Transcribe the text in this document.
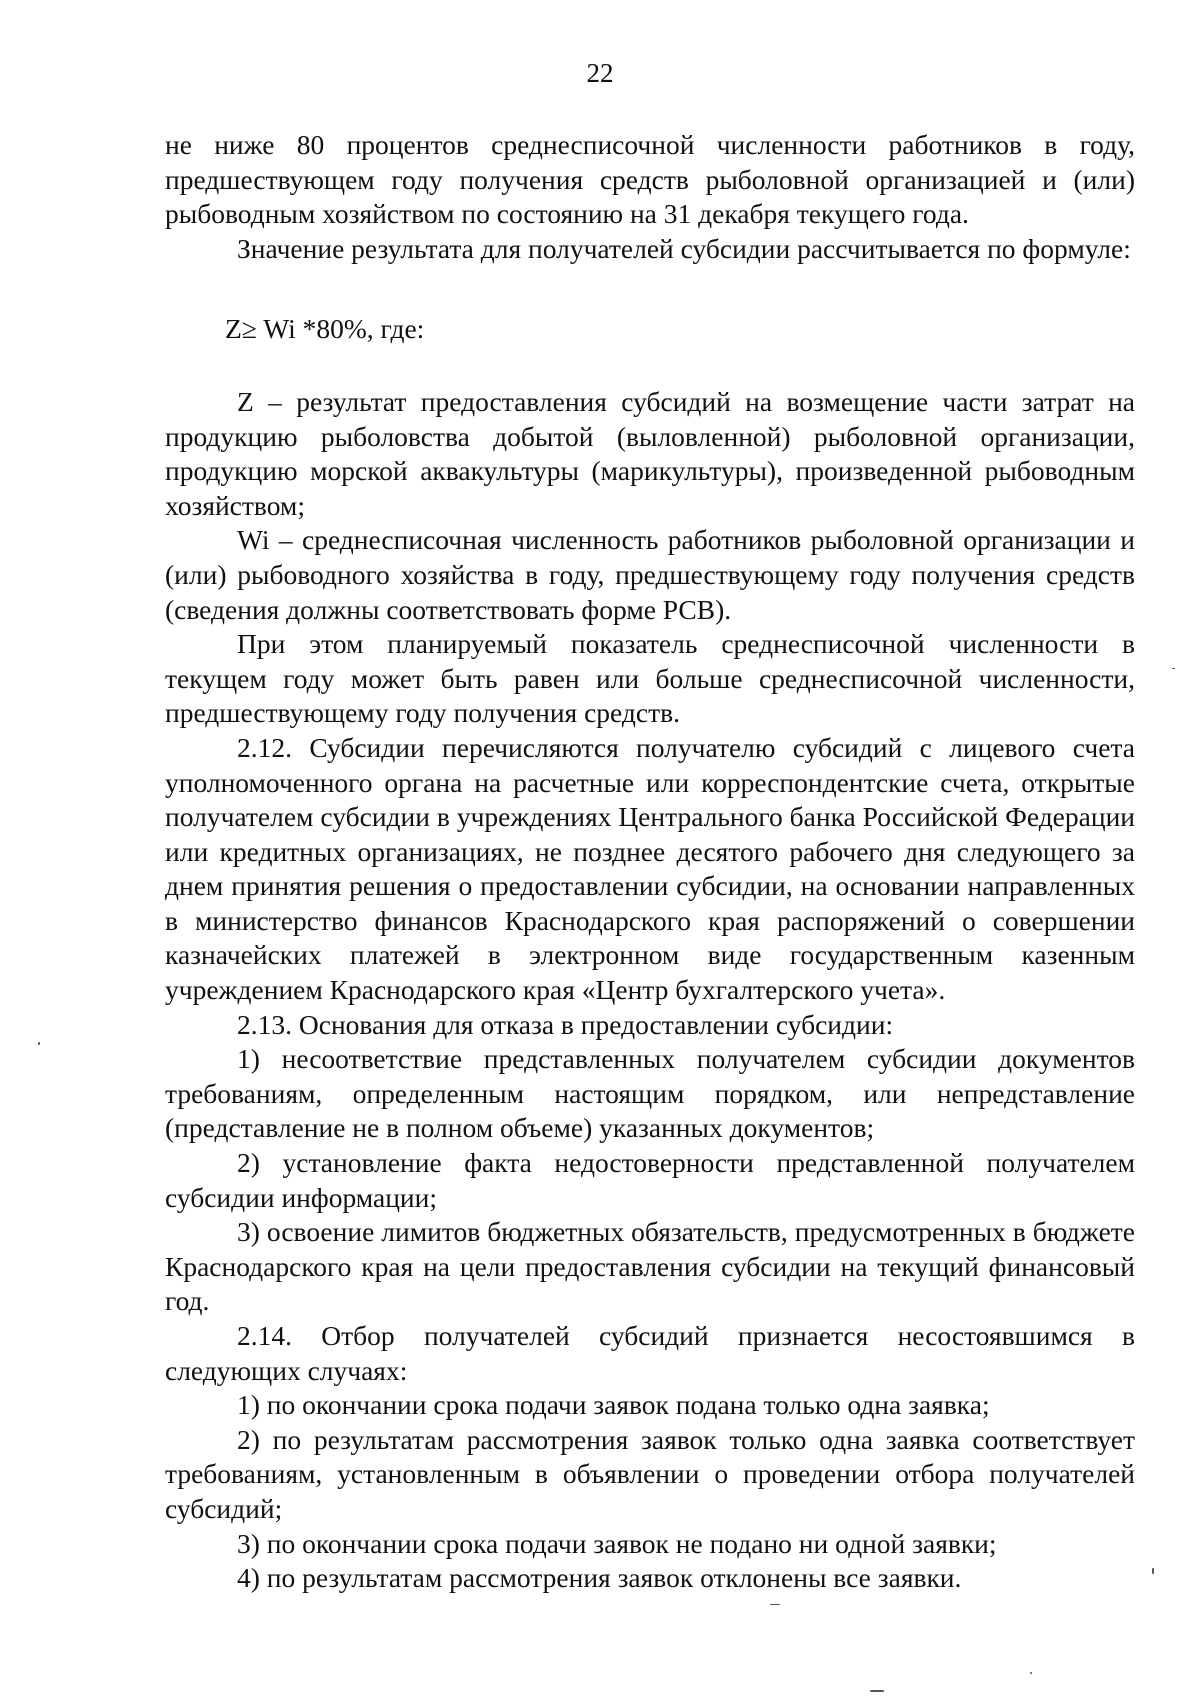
22

не ниже 80 процентов среднесписочной численности работников в году, предшествующем году получения средств рыболовной организацией и (или) рыбоводным хозяйством по состоянию на 31 декабря текущего года.

Значение результата для получателей субсидии рассчитывается по формуле:

Z≥ Wi *80%, где:

Z – результат предоставления субсидий на возмещение части затрат на продукцию рыболовства добытой (выловленной) рыболовной организации, продукцию морской аквакультуры (марикультуры), произведенной рыбоводным хозяйством;

Wi – среднесписочная численность работников рыболовной организации и (или) рыбоводного хозяйства в году, предшествующему году получения средств (сведения должны соответствовать форме РСВ).

При этом планируемый показатель среднесписочной численности в текущем году может быть равен или больше среднесписочной численности, предшествующему году получения средств.

2.12. Субсидии перечисляются получателю субсидий с лицевого счета уполномоченного органа на расчетные или корреспондентские счета, открытые получателем субсидии в учреждениях Центрального банка Российской Федерации или кредитных организациях, не позднее десятого рабочего дня следующего за днем принятия решения о предоставлении субсидии, на основании направленных в министерство финансов Краснодарского края распоряжений о совершении казначейских платежей в электронном виде государственным казенным учреждением Краснодарского края «Центр бухгалтерского учета».

2.13. Основания для отказа в предоставлении субсидии:

1) несоответствие представленных получателем субсидии документов требованиям, определенным настоящим порядком, или непредставление (представление не в полном объеме) указанных документов;

2) установление факта недостоверности представленной получателем субсидии информации;

3) освоение лимитов бюджетных обязательств, предусмотренных в бюджете Краснодарского края на цели предоставления субсидии на текущий финансовый год.

2.14. Отбор получателей субсидий признается несостоявшимся в следующих случаях:

1) по окончании срока подачи заявок подана только одна заявка;

2) по результатам рассмотрения заявок только одна заявка соответствует требованиям, установленным в объявлении о проведении отбора получателей субсидий;

3) по окончании срока подачи заявок не подано ни одной заявки;

4) по результатам рассмотрения заявок отклонены все заявки.
